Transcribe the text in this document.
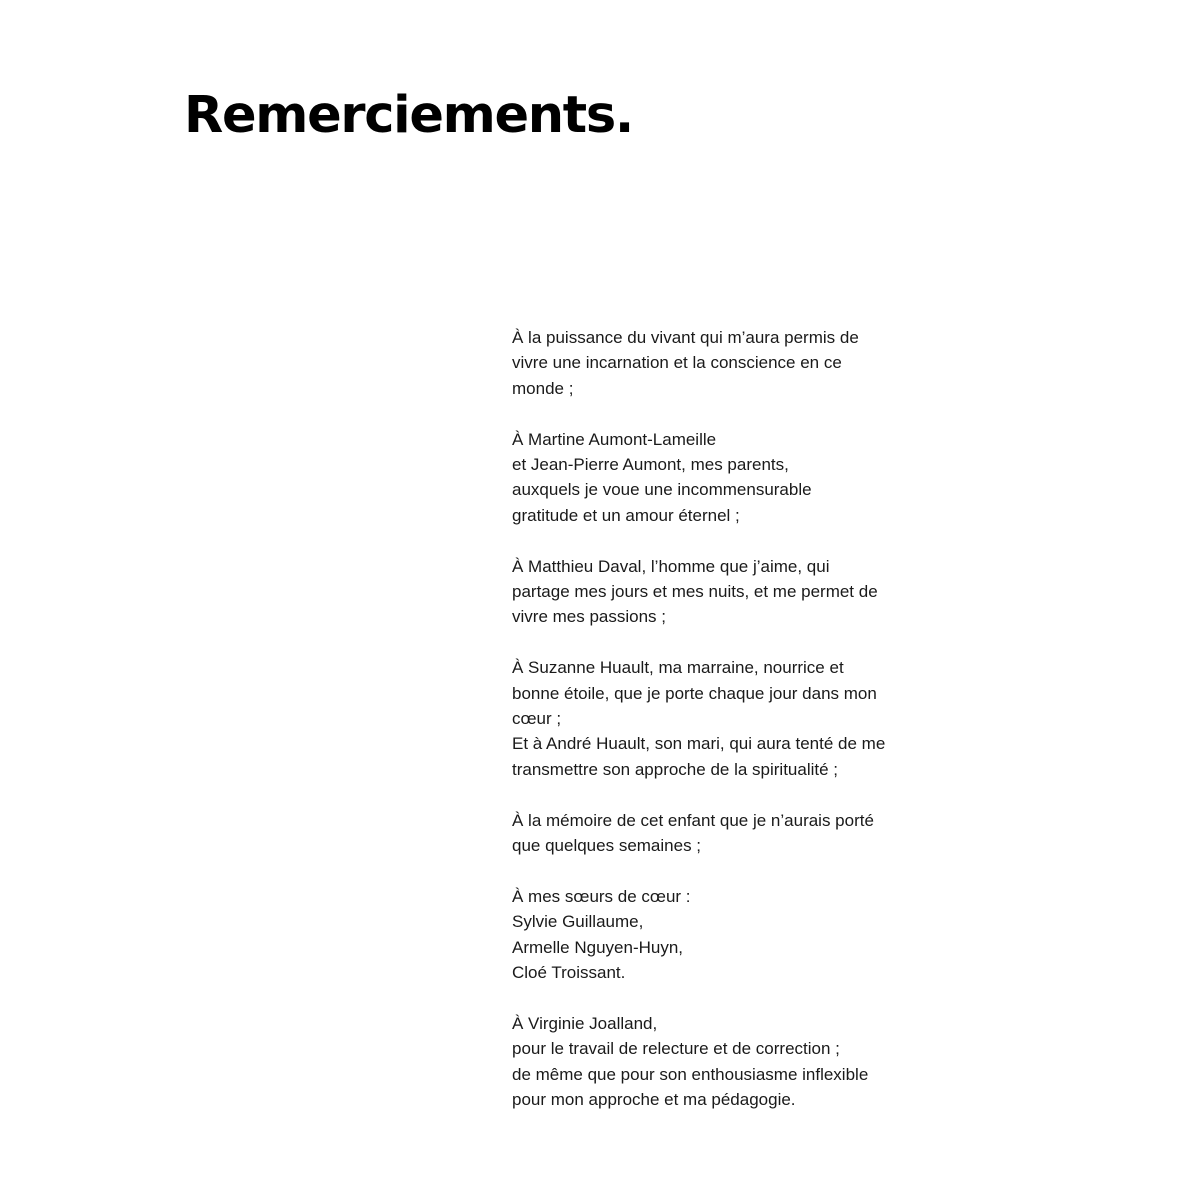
Remerciements.

À la puissance du vivant qui m’aura permis de
vivre une incarnation et la conscience en ce
monde ;

À Martine Aumont-Lameille
et Jean-Pierre Aumont, mes parents,
auxquels je voue une incommensurable
gratitude et un amour éternel ;

À Matthieu Daval, l’homme que j’aime, qui
partage mes jours et mes nuits, et me permet de
vivre mes passions ;

À Suzanne Huault, ma marraine, nourrice et
bonne étoile, que je porte chaque jour dans mon
cœur ;
Et à André Huault, son mari, qui aura tenté de me
transmettre son approche de la spiritualité ;

À la mémoire de cet enfant que je n’aurais porté
que quelques semaines ;

À mes sœurs de cœur :
Sylvie Guillaume,
Armelle Nguyen-Huyn,
Cloé Troissant.

À Virginie Joalland,
pour le travail de relecture et de correction ;
de même que pour son enthousiasme inflexible
pour mon approche et ma pédagogie.
